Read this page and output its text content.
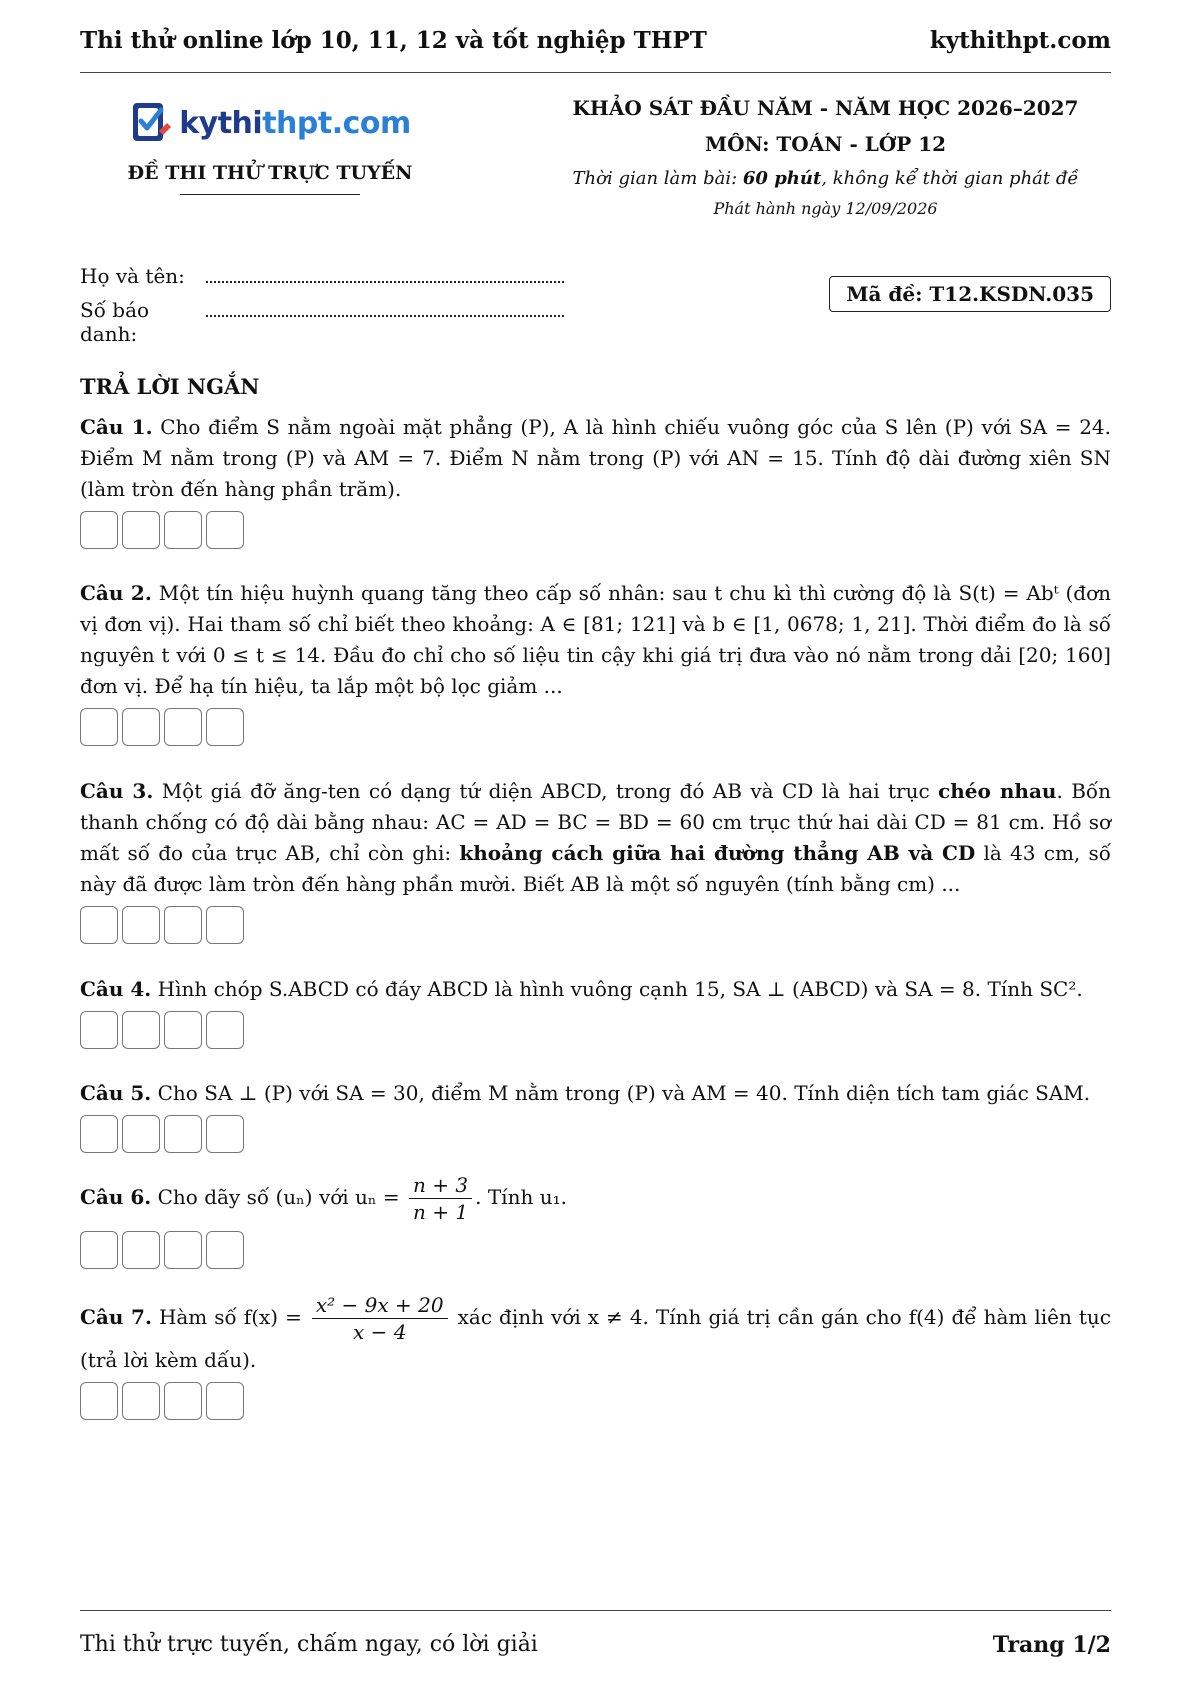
Thi thử online lớp 10, 11, 12 và tốt nghiệp THPT	kythithpt.com
kythithpt.com
ĐỀ THI THỬ TRỰC TUYẾN
KHẢO SÁT ĐẦU NĂM - NĂM HỌC 2026–2027
MÔN: TOÁN - LỚP 12
Thời gian làm bài: 60 phút, không kể thời gian phát đề
Phát hành ngày 12/09/2026
Họ và tên:
Số báo danh:
Mã đề: T12.KSDN.035
TRẢ LỜI NGẮN
Câu 1. Cho điểm S nằm ngoài mặt phẳng (P), A là hình chiếu vuông góc của S lên (P) với SA = 24. Điểm M nằm trong (P) và AM = 7. Điểm N nằm trong (P) với AN = 15. Tính độ dài đường xiên SN (làm tròn đến hàng phần trăm).
Câu 2. Một tín hiệu huỳnh quang tăng theo cấp số nhân: sau t chu kì thì cường độ là S(t) = Abᵗ (đơn vị đơn vị). Hai tham số chỉ biết theo khoảng: A ∈ [81; 121] và b ∈ [1, 0678; 1, 21]. Thời điểm đo là số nguyên t với 0 ≤ t ≤ 14. Đầu đo chỉ cho số liệu tin cậy khi giá trị đưa vào nó nằm trong dải [20; 160] đơn vị. Để hạ tín hiệu, ta lắp một bộ lọc giảm ...
Câu 3. Một giá đỡ ăng-ten có dạng tứ diện ABCD, trong đó AB và CD là hai trục chéo nhau. Bốn thanh chống có độ dài bằng nhau: AC = AD = BC = BD = 60 cm trục thứ hai dài CD = 81 cm. Hồ sơ mất số đo của trục AB, chỉ còn ghi: khoảng cách giữa hai đường thẳng AB và CD là 43 cm, số này đã được làm tròn đến hàng phần mười. Biết AB là một số nguyên (tính bằng cm) ...
Câu 4. Hình chóp S.ABCD có đáy ABCD là hình vuông cạnh 15, SA ⊥ (ABCD) và SA = 8. Tính SC².
Câu 5. Cho SA ⊥ (P) với SA = 30, điểm M nằm trong (P) và AM = 40. Tính diện tích tam giác SAM.
Câu 6. Cho dãy số (uₙ) với $u_n = \frac{n + 3}{n + 1}$ . Tính u₁.
Câu 7. Hàm số $f(x) = \frac{\text{x² − 9x + 20}}{x - 4}$ xác định với x ≠ 4. Tính giá trị cần gán cho f(4) để hàm liên tục (trả lời kèm dấu).
Thi thử trực tuyến, chấm ngay, có lời giải	Trang 1/2
